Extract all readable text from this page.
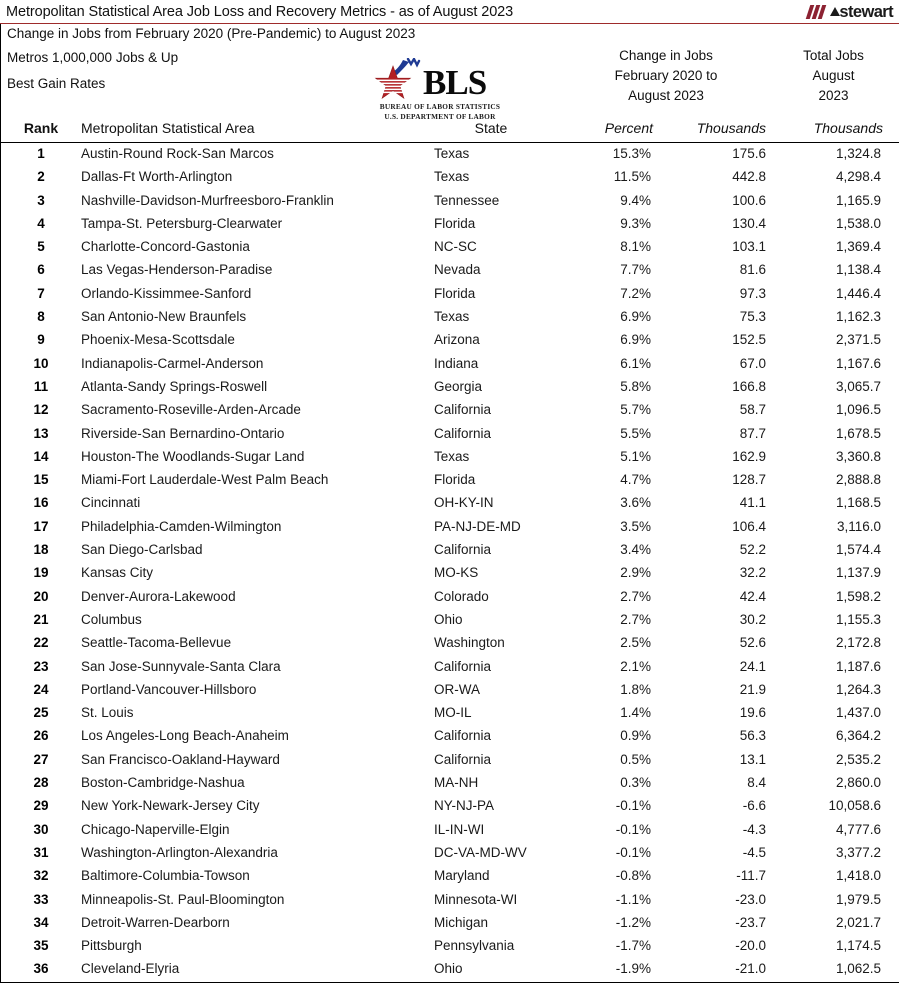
Metropolitan Statistical Area Job Loss and Recovery Metrics - as of August 2023	stewart
Change in Jobs from February 2020 (Pre-Pandemic) to August 2023
Metros 1,000,000 Jobs & Up
Best Gain Rates	BLS
BUREAU OF LABOR STATISTICS
U.S. DEPARTMENT OF LABOR
Change in Jobs
February 2020 to
August 2023
Total Jobs
August
2023
Rank	Metropolitan Statistical Area	State	Percent	Thousands	Thousands
1	Austin-Round Rock-San Marcos	Texas	15.3%	175.6	1,324.8
2	Dallas-Ft Worth-Arlington	Texas	11.5%	442.8	4,298.4
3	Nashville-Davidson-Murfreesboro-Franklin	Tennessee	9.4%	100.6	1,165.9
4	Tampa-St. Petersburg-Clearwater	Florida	9.3%	130.4	1,538.0
5	Charlotte-Concord-Gastonia	NC-SC	8.1%	103.1	1,369.4
6	Las Vegas-Henderson-Paradise	Nevada	7.7%	81.6	1,138.4
7	Orlando-Kissimmee-Sanford	Florida	7.2%	97.3	1,446.4
8	San Antonio-New Braunfels	Texas	6.9%	75.3	1,162.3
9	Phoenix-Mesa-Scottsdale	Arizona	6.9%	152.5	2,371.5
10	Indianapolis-Carmel-Anderson	Indiana	6.1%	67.0	1,167.6
11	Atlanta-Sandy Springs-Roswell	Georgia	5.8%	166.8	3,065.7
12	Sacramento-Roseville-Arden-Arcade	California	5.7%	58.7	1,096.5
13	Riverside-San Bernardino-Ontario	California	5.5%	87.7	1,678.5
14	Houston-The Woodlands-Sugar Land	Texas	5.1%	162.9	3,360.8
15	Miami-Fort Lauderdale-West Palm Beach	Florida	4.7%	128.7	2,888.8
16	Cincinnati	OH-KY-IN	3.6%	41.1	1,168.5
17	Philadelphia-Camden-Wilmington	PA-NJ-DE-MD	3.5%	106.4	3,116.0
18	San Diego-Carlsbad	California	3.4%	52.2	1,574.4
19	Kansas City	MO-KS	2.9%	32.2	1,137.9
20	Denver-Aurora-Lakewood	Colorado	2.7%	42.4	1,598.2
21	Columbus	Ohio	2.7%	30.2	1,155.3
22	Seattle-Tacoma-Bellevue	Washington	2.5%	52.6	2,172.8
23	San Jose-Sunnyvale-Santa Clara	California	2.1%	24.1	1,187.6
24	Portland-Vancouver-Hillsboro	OR-WA	1.8%	21.9	1,264.3
25	St. Louis	MO-IL	1.4%	19.6	1,437.0
26	Los Angeles-Long Beach-Anaheim	California	0.9%	56.3	6,364.2
27	San Francisco-Oakland-Hayward	California	0.5%	13.1	2,535.2
28	Boston-Cambridge-Nashua	MA-NH	0.3%	8.4	2,860.0
29	New York-Newark-Jersey City	NY-NJ-PA	-0.1%	-6.6	10,058.6
30	Chicago-Naperville-Elgin	IL-IN-WI	-0.1%	-4.3	4,777.6
31	Washington-Arlington-Alexandria	DC-VA-MD-WV	-0.1%	-4.5	3,377.2
32	Baltimore-Columbia-Towson	Maryland	-0.8%	-11.7	1,418.0
33	Minneapolis-St. Paul-Bloomington	Minnesota-WI	-1.1%	-23.0	1,979.5
34	Detroit-Warren-Dearborn	Michigan	-1.2%	-23.7	2,021.7
35	Pittsburgh	Pennsylvania	-1.7%	-20.0	1,174.5
36	Cleveland-Elyria	Ohio	-1.9%	-21.0	1,062.5
